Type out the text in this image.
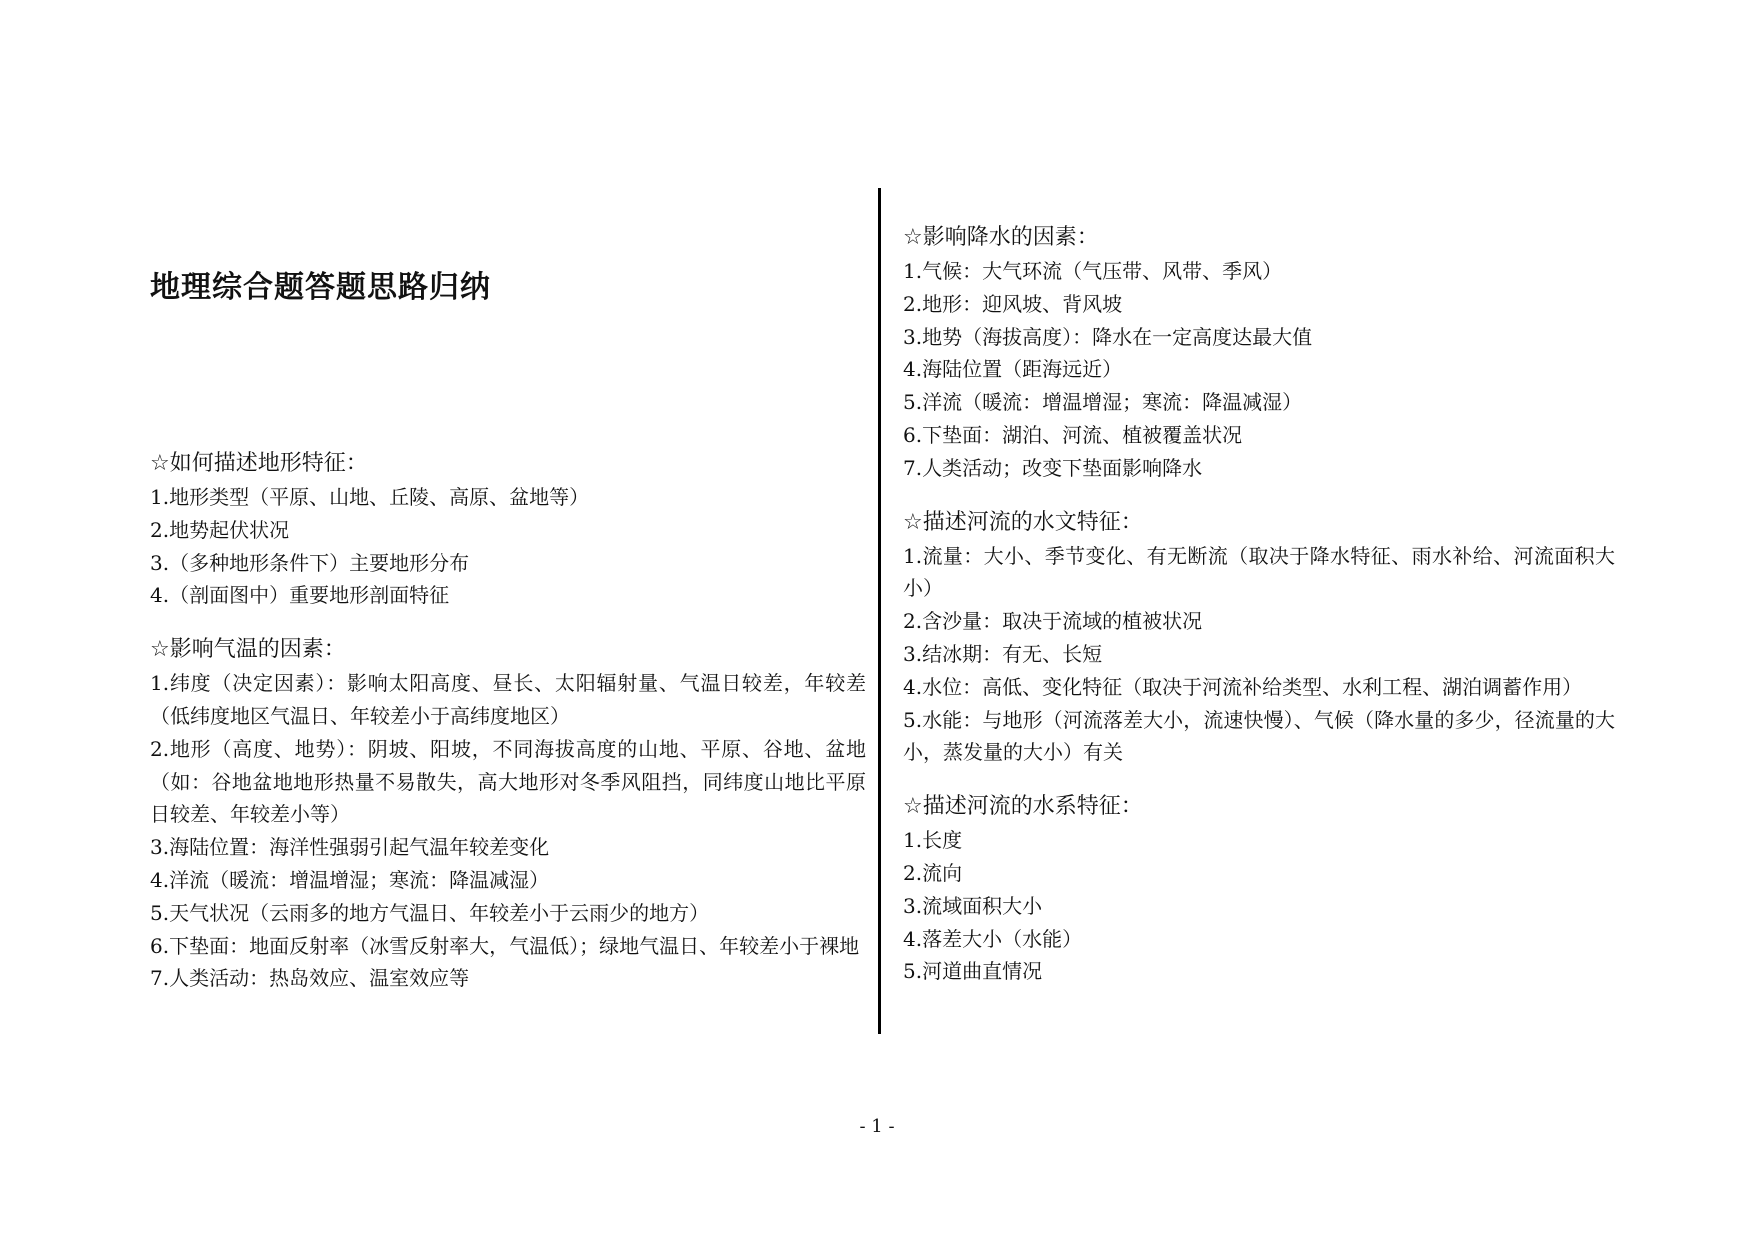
地理综合题答题思路归纳
☆如何描述地形特征：

1.地形类型（平原、山地、丘陵、高原、盆地等）

2.地势起伏状况

3.（多种地形条件下）主要地形分布

4.（剖面图中）重要地形剖面特征

☆影响气温的因素：

1.纬度（决定因素）：影响太阳高度、昼长、太阳辐射量、气温日较差，年较差（低纬度地区气温日、年较差小于高纬度地区）

2.地形（高度、地势）：阴坡、阳坡，不同海拔高度的山地、平原、谷地、盆地（如：谷地盆地地形热量不易散失，高大地形对冬季风阻挡，同纬度山地比平原日较差、年较差小等）

3.海陆位置：海洋性强弱引起气温年较差变化

4.洋流（暖流：增温增湿；寒流：降温减湿）

5.天气状况（云雨多的地方气温日、年较差小于云雨少的地方）

6.下垫面：地面反射率（冰雪反射率大，气温低）；绿地气温日、年较差小于裸地

7.人类活动：热岛效应、温室效应等

☆影响降水的因素：

1.气候：大气环流（气压带、风带、季风）

2.地形：迎风坡、背风坡

3.地势（海拔高度）：降水在一定高度达最大值

4.海陆位置（距海远近）

5.洋流（暖流：增温增湿；寒流：降温减湿）

6.下垫面：湖泊、河流、植被覆盖状况

7.人类活动；改变下垫面影响降水

☆描述河流的水文特征：

1.流量：大小、季节变化、有无断流（取决于降水特征、雨水补给、河流面积大小）

2.含沙量：取决于流域的植被状况

3.结冰期：有无、长短

4.水位：高低、变化特征（取决于河流补给类型、水利工程、湖泊调蓄作用）

5.水能：与地形（河流落差大小，流速快慢）、气候（降水量的多少，径流量的大小，蒸发量的大小）有关

☆描述河流的水系特征：

1.长度

2.流向

3.流域面积大小

4.落差大小（水能）

5.河道曲直情况

- 1 -
